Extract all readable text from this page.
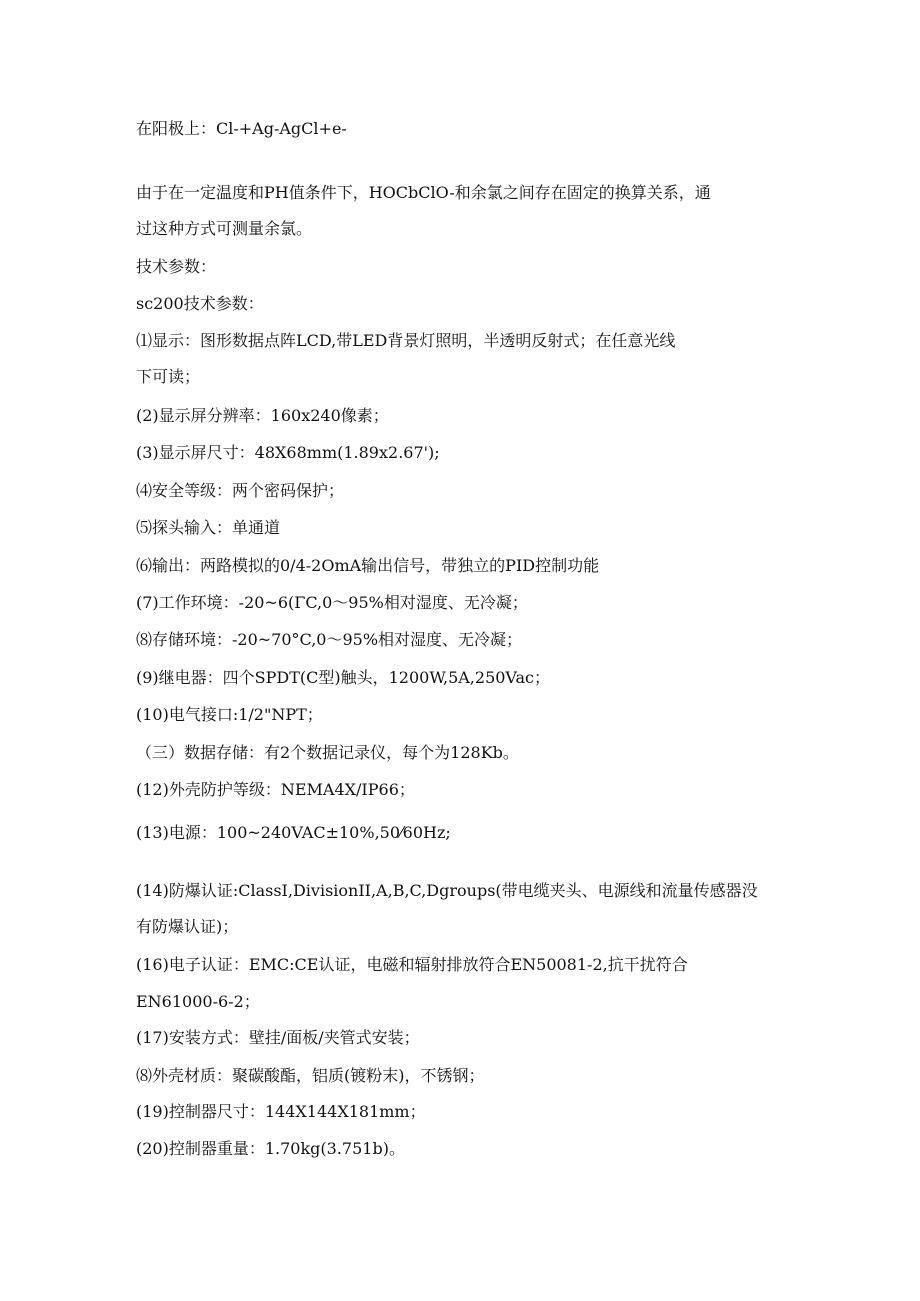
在阳极上：Cl-+Ag-AgCl+e-
由于在一定温度和PH值条件下，HOCbClO-和余氯之间存在固定的换算关系，通
过这种方式可测量余氯。
技术参数：
sc200技术参数：
⑴显示：图形数据点阵LCD,带LED背景灯照明，半透明反射式；在任意光线
下可读；
(2)显示屏分辨率：160x240像素；
(3)显示屏尺寸：48X68mm(1.89x2.67');
⑷安全等级：两个密码保护；
⑸探头输入：单通道
⑹输出：两路模拟的0/4-2OmA输出信号，带独立的PID控制功能
(7)工作环境：-20~6(ΓC,0～95%相对湿度、无冷凝；
⑻存储环境：-20~70°C,0～95%相对湿度、无冷凝；
(9)继电器：四个SPDT(C型)触头，1200W,5A,250Vac；
(10)电气接口:1/2"NPT；
（三）数据存储：有2个数据记录仪，每个为128Kb。
(12)外壳防护等级：NEMA4X/IP66；
(13)电源：100~240VAC±10%,50⁄60Hz;
(14)防爆认证:ClassI,DivisionII,A,B,C,Dgroups(带电缆夹头、电源线和流量传感器没
有防爆认证)；
(16)电子认证：EMC:CE认证，电磁和辐射排放符合EN50081-2,抗干扰符合
EN61000-6-2；
(17)安装方式：壁挂/面板/夹管式安装；
⑻外壳材质：聚碳酸酯，铝质(镀粉末)，不锈钢；
(19)控制器尺寸：144X144X181mm；
(20)控制器重量：1.70kg(3.751b)。
